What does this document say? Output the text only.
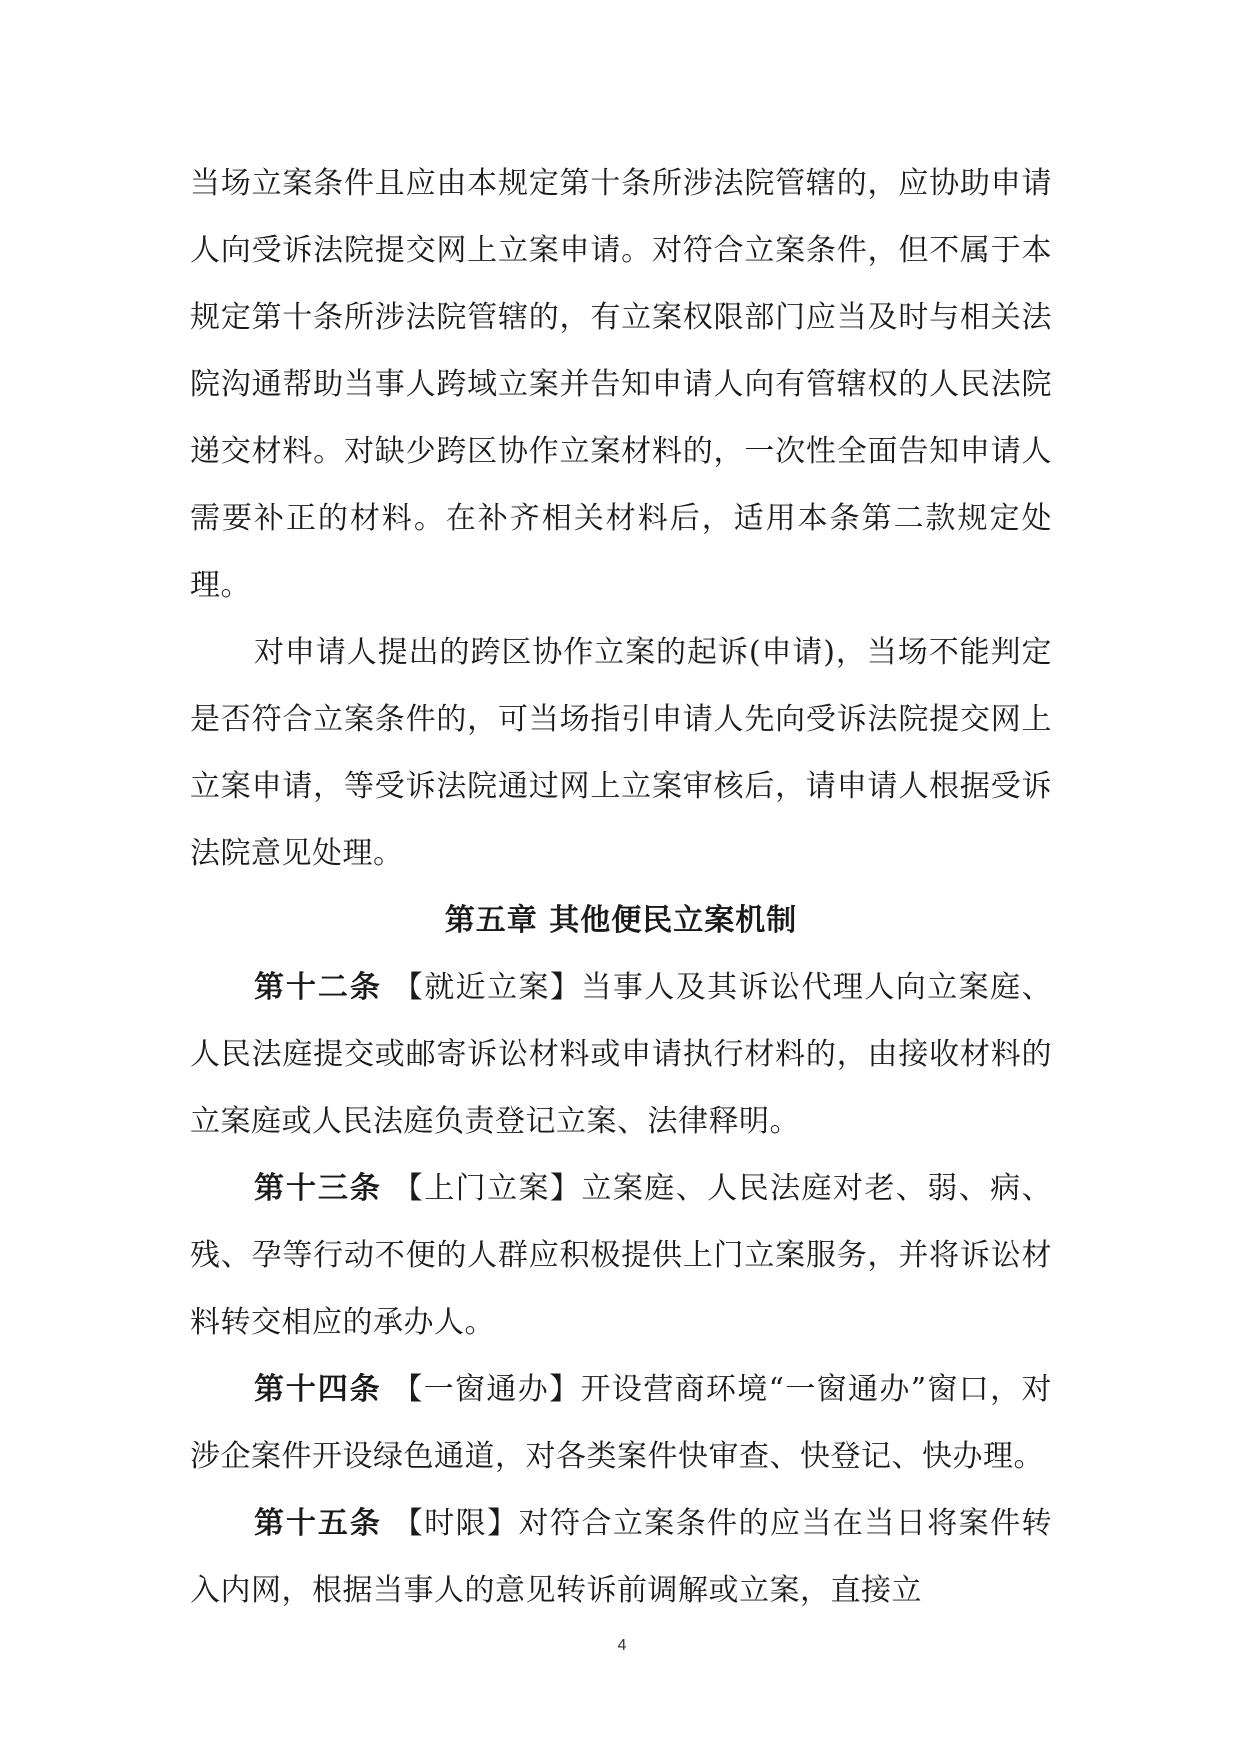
当场立案条件且应由本规定第十条所涉法院管辖的，应协助申请人向受诉法院提交网上立案申请。对符合立案条件，但不属于本规定第十条所涉法院管辖的，有立案权限部门应当及时与相关法院沟通帮助当事人跨域立案并告知申请人向有管辖权的人民法院递交材料。对缺少跨区协作立案材料的，一次性全面告知申请人需要补正的材料。在补齐相关材料后，适用本条第二款规定处理。

对申请人提出的跨区协作立案的起诉(申请)，当场不能判定是否符合立案条件的，可当场指引申请人先向受诉法院提交网上立案申请，等受诉法院通过网上立案审核后，请申请人根据受诉法院意见处理。

第五章 其他便民立案机制

第十二条 【就近立案】当事人及其诉讼代理人向立案庭、人民法庭提交或邮寄诉讼材料或申请执行材料的，由接收材料的立案庭或人民法庭负责登记立案、法律释明。

第十三条 【上门立案】立案庭、人民法庭对老、弱、病、残、孕等行动不便的人群应积极提供上门立案服务，并将诉讼材料转交相应的承办人。

第十四条 【一窗通办】开设营商环境“一窗通办”窗口，对涉企案件开设绿色通道，对各类案件快审查、快登记、快办理。

第十五条 【时限】对符合立案条件的应当在当日将案件转入内网，根据当事人的意见转诉前调解或立案，直接立

4
